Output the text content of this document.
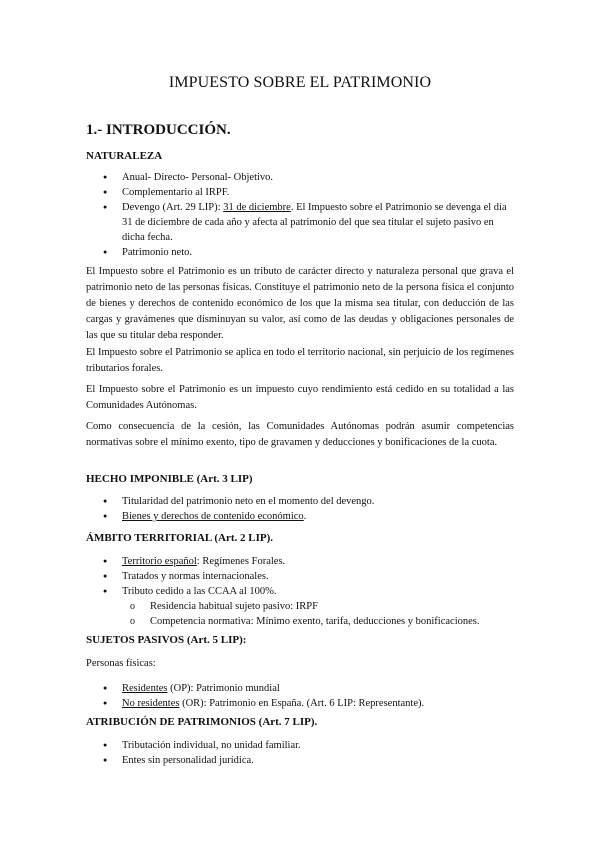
IMPUESTO SOBRE EL PATRIMONIO
1.- INTRODUCCIÓN.
NATURALEZA
● Anual- Directo- Personal- Objetivo.
● Complementario al IRPF.
● Devengo (Art. 29 LIP): 31 de diciembre. El Impuesto sobre el Patrimonio se devenga el día 31 de diciembre de cada año y afecta al patrimonio del que sea titular el sujeto pasivo en dicha fecha.
● Patrimonio neto.

El Impuesto sobre el Patrimonio es un tributo de carácter directo y naturaleza personal que grava el patrimonio neto de las personas físicas. Constituye el patrimonio neto de la persona física el conjunto de bienes y derechos de contenido económico de los que la misma sea titular, con deducción de las cargas y gravámenes que disminuyan su valor, así como de las deudas y obligaciones personales de las que su titular deba responder.

El Impuesto sobre el Patrimonio se aplica en todo el territorio nacional, sin perjuicio de los regímenes tributarios forales.

El Impuesto sobre el Patrimonio es un impuesto cuyo rendimiento está cedido en su totalidad a las Comunidades Autónomas.

Como consecuencia de la cesión, las Comunidades Autónomas podrán asumir competencias normativas sobre el mínimo exento, tipo de gravamen y deducciones y bonificaciones de la cuota.

HECHO IMPONIBLE (Art. 3 LIP)
● Titularidad del patrimonio neto en el momento del devengo.
● Bienes y derechos de contenido económico.
ÁMBITO TERRITORIAL (Art. 2 LIP).
● Territorio español: Regímenes Forales.
● Tratados y normas internacionales.
● Tributo cedido a las CCAA al 100%.
o Residencia habitual sujeto pasivo: IRPF
o Competencia normativa: Mínimo exento, tarifa, deducciones y bonificaciones.
SUJETOS PASIVOS (Art. 5 LIP):

Personas físicas:

● Residentes (OP): Patrimonio mundial
● No residentes (OR): Patrimonio en España. (Art. 6 LIP: Representante).
ATRIBUCIÓN DE PATRIMONIOS (Art. 7 LIP).
● Tributación individual, no unidad familiar.
● Entes sin personalidad jurídica.
